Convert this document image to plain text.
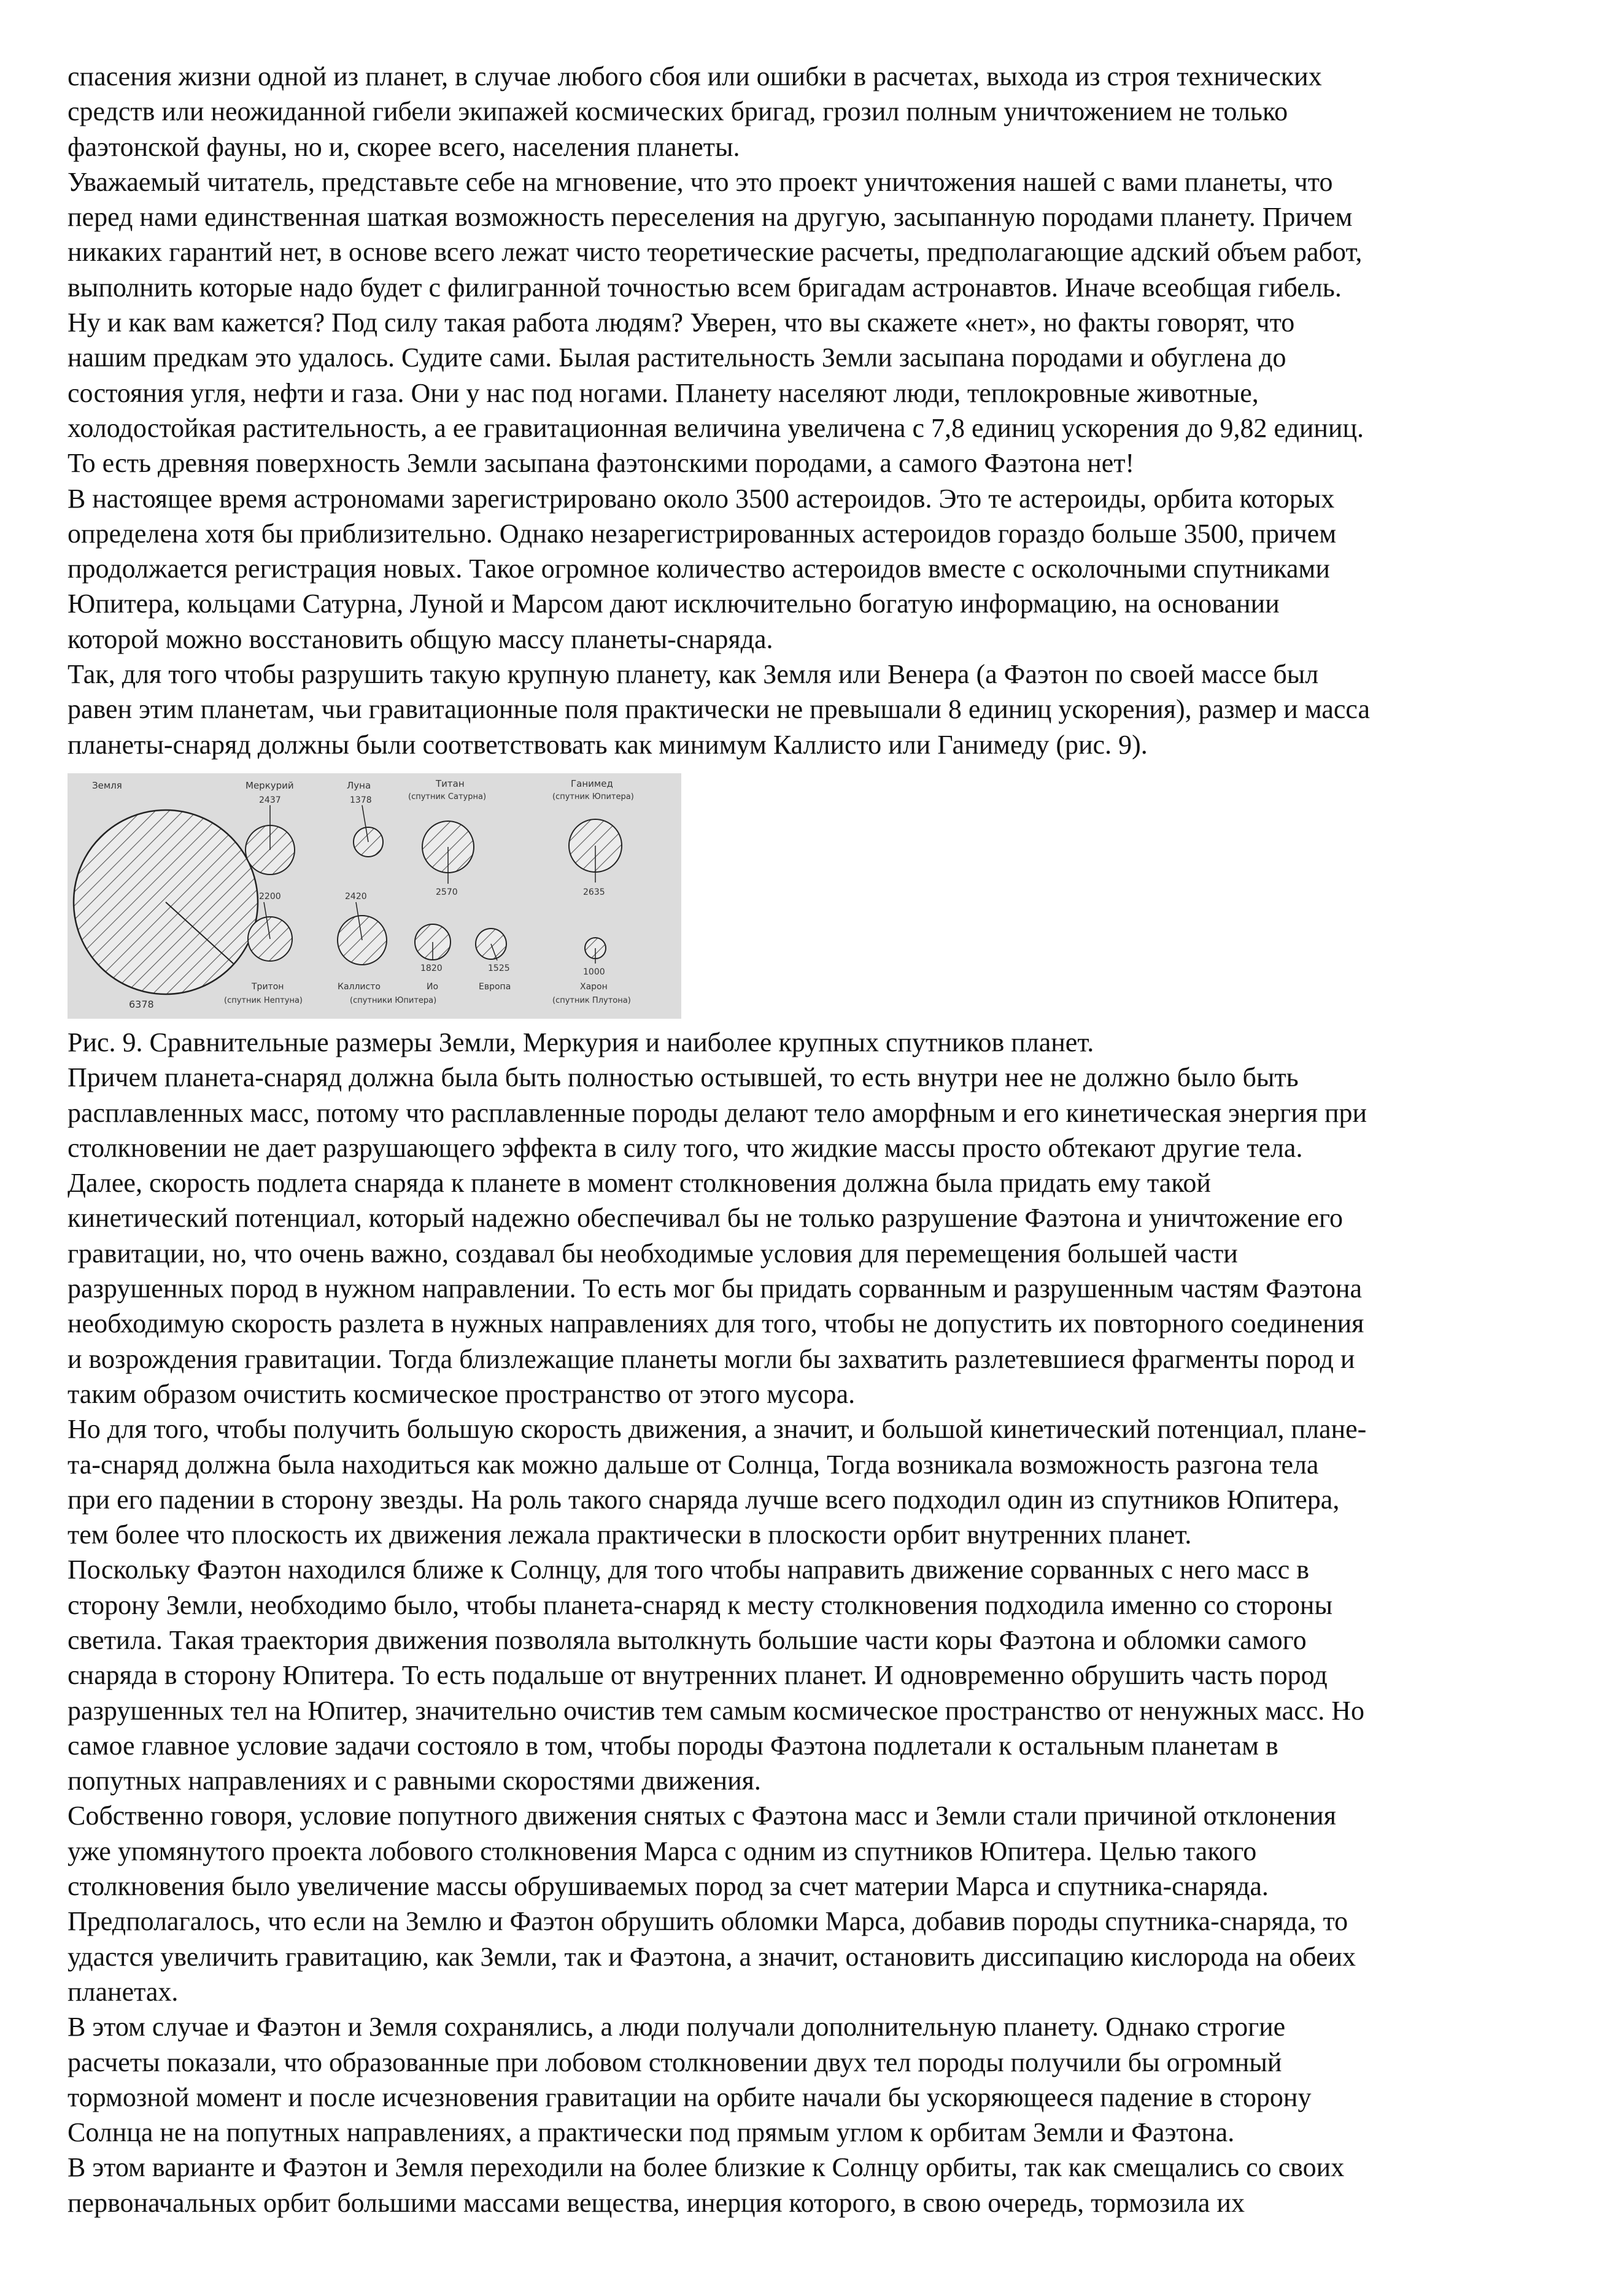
спасения жизни одной из планет, в случае любого сбоя или ошибки в расчетах, выхода из строя технических
средств или неожиданной гибели экипажей космических бригад, грозил полным уничтожением не только
фаэтонской фауны, но и, скорее всего, населения планеты.
Уважаемый читатель, представьте себе на мгновение, что это проект уничтожения нашей с вами планеты, что
перед нами единственная шаткая возможность переселения на другую, засыпанную породами планету. Причем
никаких гарантий нет, в основе всего лежат чисто теоретические расчеты, предполагающие адский объем работ,
выполнить которые надо будет с филигранной точностью всем бригадам астронавтов. Иначе всеобщая гибель.
Ну и как вам кажется? Под силу такая работа людям? Уверен, что вы скажете «нет», но факты говорят, что
нашим предкам это удалось. Судите сами. Былая растительность Земли засыпана породами и обуглена до
состояния угля, нефти и газа. Они у нас под ногами. Планету населяют люди, теплокровные животные,
холодостойкая растительность, а ее гравитационная величина увеличена с 7,8 единиц ускорения до 9,82 единиц.
То есть древняя поверхность Земли засыпана фаэтонскими породами, а самого Фаэтона нет!
В настоящее время астрономами зарегистрировано около 3500 астероидов. Это те астероиды, орбита которых
определена хотя бы приблизительно. Однако незарегистрированных астероидов гораздо больше 3500, причем
продолжается регистрация новых. Такое огромное количество астероидов вместе с осколочными спутниками
Юпитера, кольцами Сатурна, Луной и Марсом дают исключительно богатую информацию, на основании
которой можно восстановить общую массу планеты-снаряда.
Так, для того чтобы разрушить такую крупную планету, как Земля или Венера (а Фаэтон по своей массе был
равен этим планетам, чьи гравитационные поля практически не превышали 8 единиц ускорения), размер и масса
планеты-снаряд должны были соответствовать как минимум Каллисто или Ганимеду (рис. 9).
Земля
6378
Меркурий
2437
Луна
1378
Титан
(спутник Сатурна)
2570
Ганимед
(спутник Юпитера)
2635
2200
Тритон
(спутник Нептуна)
2420
Каллисто
1820
Ио
1525
Европа
(спутники Юпитера)
1000
Харон
(спутник Плутона)
Рис. 9. Сравнительные размеры Земли, Меркурия и наиболее крупных спутников планет.
Причем планета-снаряд должна была быть полностью остывшей, то есть внутри нее не должно было быть
расплавленных масс, потому что расплавленные породы делают тело аморфным и его кинетическая энергия при
столкновении не дает разрушающего эффекта в силу того, что жидкие массы просто обтекают другие тела.
Далее, скорость подлета снаряда к планете в момент столкновения должна была придать ему такой
кинетический потенциал, который надежно обеспечивал бы не только разрушение Фаэтона и уничтожение его
гравитации, но, что очень важно, создавал бы необходимые условия для перемещения большей части
разрушенных пород в нужном направлении. То есть мог бы придать сорванным и разрушенным частям Фаэтона
необходимую скорость разлета в нужных направлениях для того, чтобы не допустить их повторного соединения
и возрождения гравитации. Тогда близлежащие планеты могли бы захватить разлетевшиеся фрагменты пород и
таким образом очистить космическое пространство от этого мусора.
Но для того, чтобы получить большую скорость движения, а значит, и большой кинетический потенциал, плане-
та-снаряд должна была находиться как можно дальше от Солнца, Тогда возникала возможность разгона тела
при его падении в сторону звезды. На роль такого снаряда лучше всего подходил один из спутников Юпитера,
тем более что плоскость их движения лежала практически в плоскости орбит внутренних планет.
Поскольку Фаэтон находился ближе к Солнцу, для того чтобы направить движение сорванных с него масс в
сторону Земли, необходимо было, чтобы планета-снаряд к месту столкновения подходила именно со стороны
светила. Такая траектория движения позволяла вытолкнуть большие части коры Фаэтона и обломки самого
снаряда в сторону Юпитера. То есть подальше от внутренних планет. И одновременно обрушить часть пород
разрушенных тел на Юпитер, значительно очистив тем самым космическое пространство от ненужных масс. Но
самое главное условие задачи состояло в том, чтобы породы Фаэтона подлетали к остальным планетам в
попутных направлениях и с равными скоростями движения.
Собственно говоря, условие попутного движения снятых с Фаэтона масс и Земли стали причиной отклонения
уже упомянутого проекта лобового столкновения Марса с одним из спутников Юпитера. Целью такого
столкновения было увеличение массы обрушиваемых пород за счет материи Марса и спутника-снаряда.
Предполагалось, что если на Землю и Фаэтон обрушить обломки Марса, добавив породы спутника-снаряда, то
удастся увеличить гравитацию, как Земли, так и Фаэтона, а значит, остановить диссипацию кислорода на обеих
планетах.
В этом случае и Фаэтон и Земля сохранялись, а люди получали дополнительную планету. Однако строгие
расчеты показали, что образованные при лобовом столкновении двух тел породы получили бы огромный
тормозной момент и после исчезновения гравитации на орбите начали бы ускоряющееся падение в сторону
Солнца не на попутных направлениях, а практически под прямым углом к орбитам Земли и Фаэтона.
В этом варианте и Фаэтон и Земля переходили на более близкие к Солнцу орбиты, так как смещались со своих
первоначальных орбит большими массами вещества, инерция которого, в свою очередь, тормозила их
